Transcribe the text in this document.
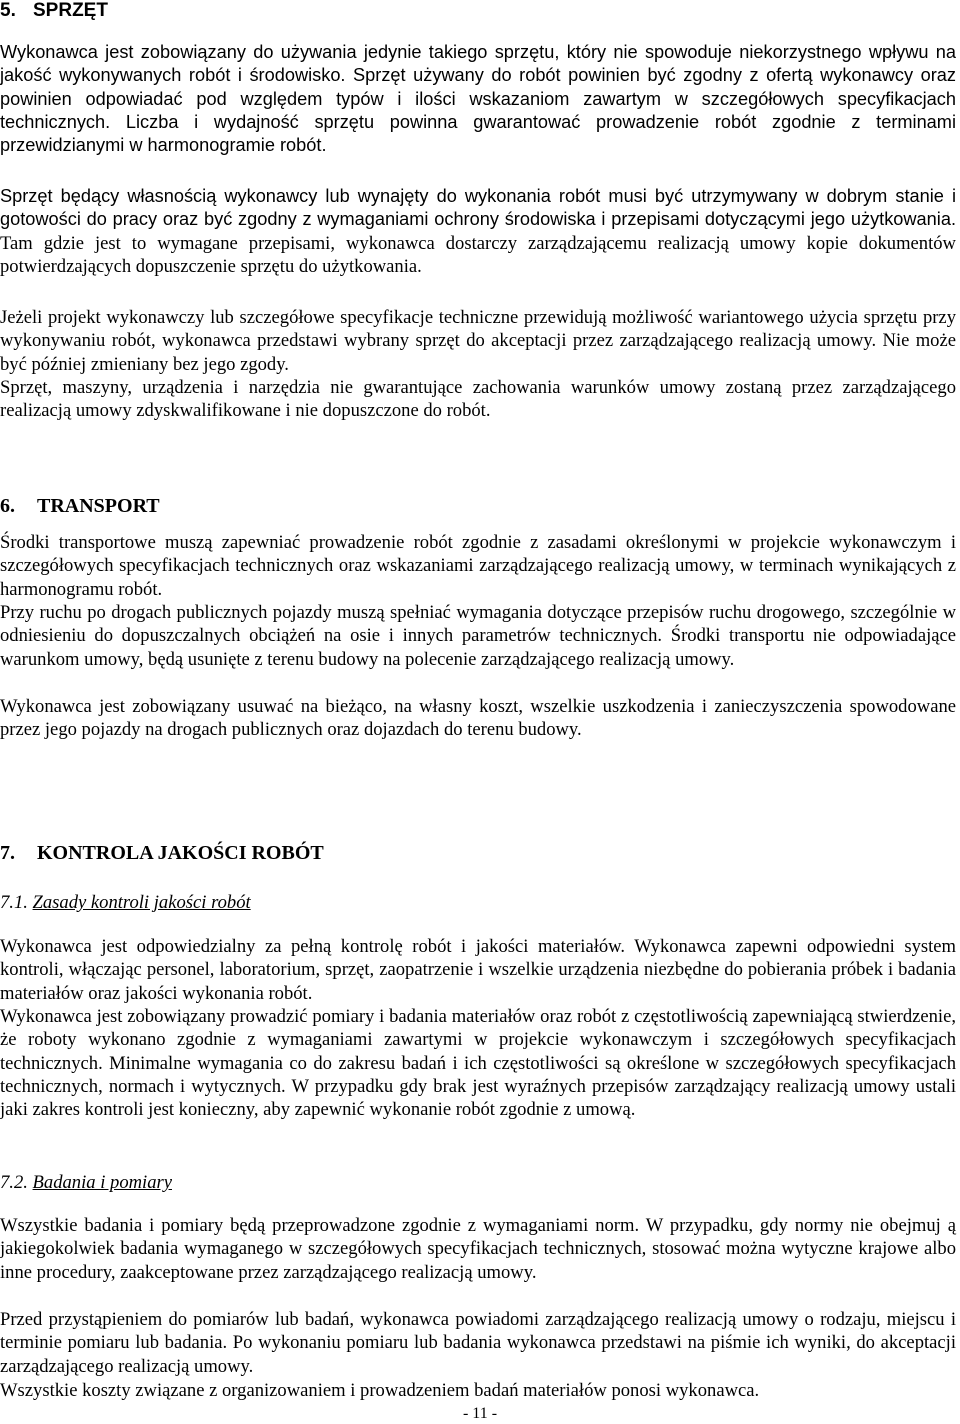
5. SPRZĘT

Wykonawca jest zobowiązany do używania jedynie takiego sprzętu, który nie spowoduje niekorzystnego wpływu na jakość wykonywanych robót i środowisko. Sprzęt używany do robót powinien być zgodny z ofertą wykonawcy oraz powinien odpowiadać pod względem typów i ilości wskazaniom zawartym w szczegółowych specyfikacjach technicznych. Liczba i wydajność sprzętu powinna gwarantować prowadzenie robót zgodnie z terminami przewidzianymi w harmonogramie robót.

Sprzęt będący własnością wykonawcy lub wynajęty do wykonania robót musi być utrzymywany w dobrym stanie i gotowości do pracy oraz być zgodny z wymaganiami ochrony środowiska i przepisami dotyczącymi jego użytkowania. Tam gdzie jest to wymagane przepisami, wykonawca dostarczy zarządzającemu realizacją umowy kopie dokumentów potwierdzających dopuszczenie sprzętu do użytkowania.

Jeżeli projekt wykonawczy lub szczegółowe specyfikacje techniczne przewidują możliwość wariantowego użycia sprzętu przy wykonywaniu robót, wykonawca przedstawi wybrany sprzęt do akceptacji przez zarządzającego realizacją umowy. Nie może być później zmieniany bez jego zgody.

Sprzęt, maszyny, urządzenia i narzędzia nie gwarantujące zachowania warunków umowy zostaną przez zarządzającego realizacją umowy zdyskwalifikowane i nie dopuszczone do robót.

6. TRANSPORT

Środki transportowe muszą zapewniać prowadzenie robót zgodnie z zasadami określonymi w projekcie wykonawczym i szczegółowych specyfikacjach technicznych oraz wskazaniami zarządzającego realizacją umowy, w terminach wynikających z harmonogramu robót.

Przy ruchu po drogach publicznych pojazdy muszą spełniać wymagania dotyczące przepisów ruchu drogowego, szczególnie w odniesieniu do dopuszczalnych obciążeń na osie i innych parametrów technicznych. Środki transportu nie odpowiadające warunkom umowy, będą usunięte z terenu budowy na polecenie zarządzającego realizacją umowy.

Wykonawca jest zobowiązany usuwać na bieżąco, na własny koszt, wszelkie uszkodzenia i zanieczyszczenia spowodowane przez jego pojazdy na drogach publicznych oraz dojazdach do terenu budowy.

7. KONTROLA JAKOŚCI ROBÓT
7.1. Zasady kontroli jakości robót

Wykonawca jest odpowiedzialny za pełną kontrolę robót i jakości materiałów. Wykonawca zapewni odpowiedni system kontroli, włączając personel, laboratorium, sprzęt, zaopatrzenie i wszelkie urządzenia niezbędne do pobierania próbek i badania materiałów oraz jakości wykonania robót.

Wykonawca jest zobowiązany prowadzić pomiary i badania materiałów oraz robót z częstotliwością zapewniającą stwierdzenie, że roboty wykonano zgodnie z wymaganiami zawartymi w projekcie wykonawczym i szczegółowych specyfikacjach technicznych. Minimalne wymagania co do zakresu badań i ich częstotliwości są określone w szczegółowych specyfikacjach technicznych, normach i wytycznych. W przypadku gdy brak jest wyraźnych przepisów zarządzający realizacją umowy ustali jaki zakres kontroli jest konieczny, aby zapewnić wykonanie robót zgodnie z umową.

7.2. Badania i pomiary

Wszystkie badania i pomiary będą przeprowadzone zgodnie z wymaganiami norm. W przypadku, gdy normy nie obejmuj ą jakiegokolwiek badania wymaganego w szczegółowych specyfikacjach technicznych, stosować można wytyczne krajowe albo inne procedury, zaakceptowane przez zarządzającego realizacją umowy.

Przed przystąpieniem do pomiarów lub badań, wykonawca powiadomi zarządzającego realizacją umowy o rodzaju, miejscu i terminie pomiaru lub badania. Po wykonaniu pomiaru lub badania wykonawca przedstawi na piśmie ich wyniki, do akceptacji zarządzającego realizacją umowy.

Wszystkie koszty związane z organizowaniem i prowadzeniem badań materiałów ponosi wykonawca.

- 11 -
